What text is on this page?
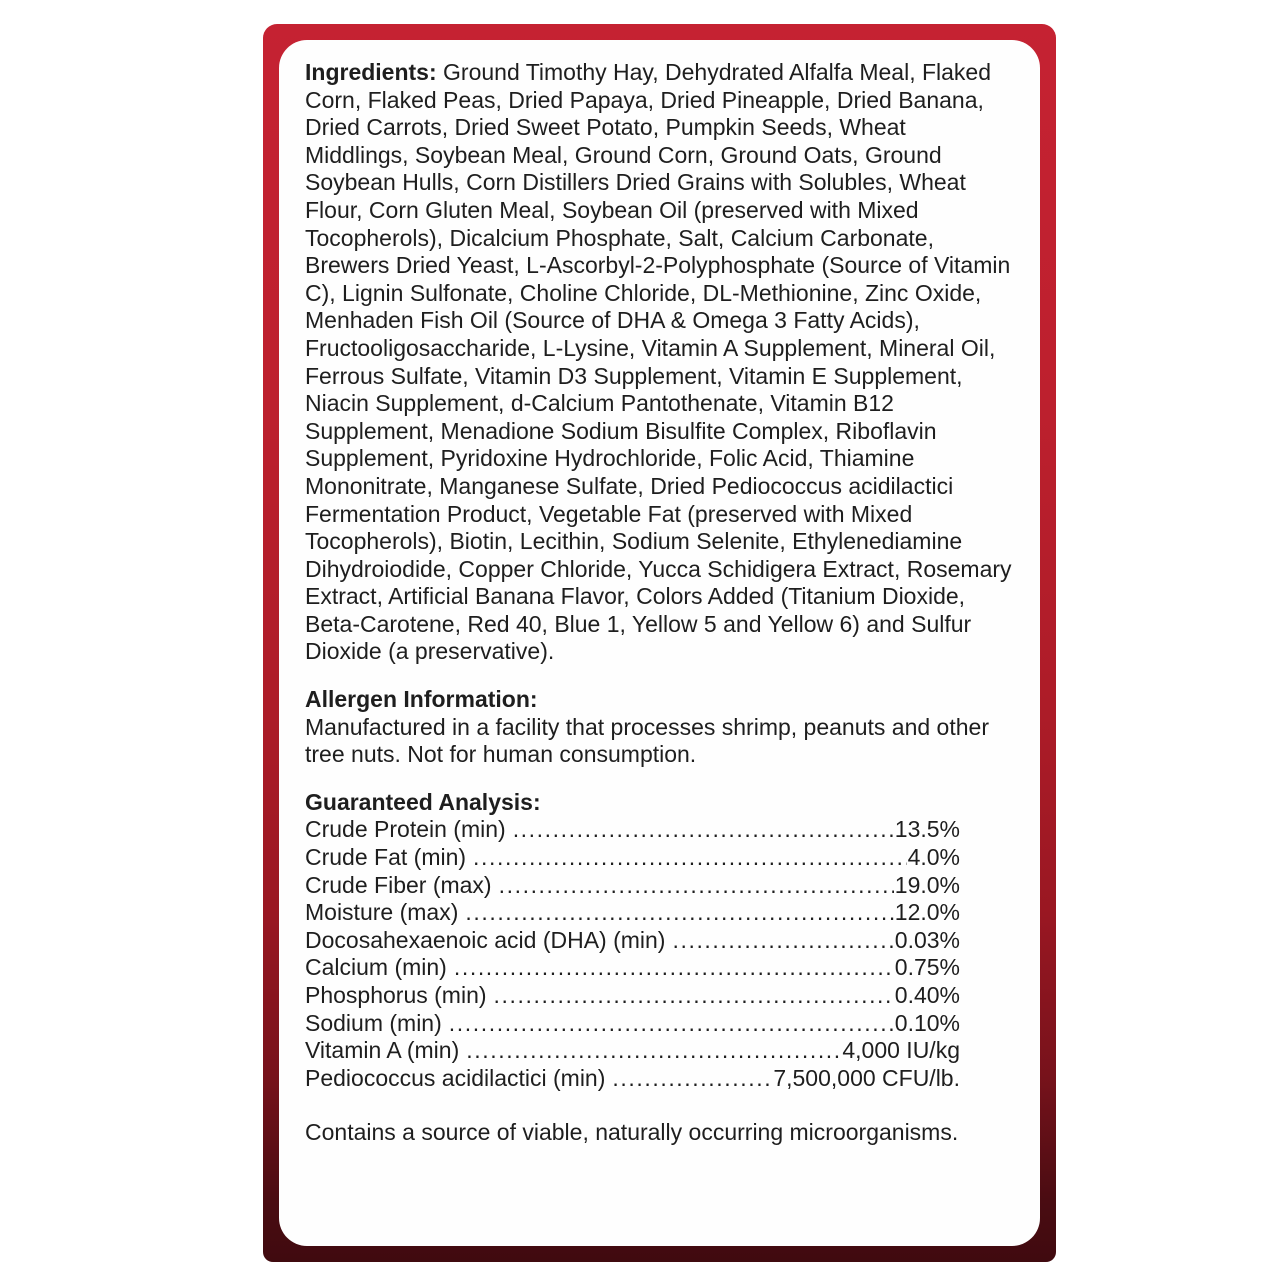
Ingredients: Ground Timothy Hay, Dehydrated Alfalfa Meal, Flaked Corn, Flaked Peas, Dried Papaya, Dried Pineapple, Dried Banana, Dried Carrots, Dried Sweet Potato, Pumpkin Seeds, Wheat Middlings, Soybean Meal, Ground Corn, Ground Oats, Ground Soybean Hulls, Corn Distillers Dried Grains with Solubles, Wheat Flour, Corn Gluten Meal, Soybean Oil (preserved with Mixed Tocopherols), Dicalcium Phosphate, Salt, Calcium Carbonate, Brewers Dried Yeast, L-Ascorbyl-2-Polyphosphate (Source of Vitamin C), Lignin Sulfonate, Choline Chloride, DL-Methionine, Zinc Oxide, Menhaden Fish Oil (Source of DHA & Omega 3 Fatty Acids), Fructooligosaccharide, L-Lysine, Vitamin A Supplement, Mineral Oil, Ferrous Sulfate, Vitamin D3 Supplement, Vitamin E Supplement, Niacin Supplement, d-Calcium Pantothenate, Vitamin B12 Supplement, Menadione Sodium Bisulfite Complex, Riboflavin Supplement, Pyridoxine Hydrochloride, Folic Acid, Thiamine Mononitrate, Manganese Sulfate, Dried Pediococcus acidilactici Fermentation Product, Vegetable Fat (preserved with Mixed Tocopherols), Biotin, Lecithin, Sodium Selenite, Ethylenediamine Dihydroiodide, Copper Chloride, Yucca Schidigera Extract, Rosemary Extract, Artificial Banana Flavor, Colors Added (Titanium Dioxide, Beta-Carotene, Red 40, Blue 1, Yellow 5 and Yellow 6) and Sulfur Dioxide (a preservative).

Allergen Information:

Manufactured in a facility that processes shrimp, peanuts and other tree nuts. Not for human consumption.

Guaranteed Analysis:

Crude Protein (min) .....	13.5%
Crude Fat (min) .....	4.0%
Crude Fiber (max) .....	19.0%
Moisture (max) .....	12.0%
Docosahexaenoic acid (DHA) (min) .....	0.03%
Calcium (min) .....	0.75%
Phosphorus (min) .....	0.40%
Sodium (min) .....	0.10%
Vitamin A (min) .....	4,000 IU/kg
Pediococcus acidilactici (min) .....	7,500,000 CFU/lb.

Contains a source of viable, naturally occurring microorganisms.
